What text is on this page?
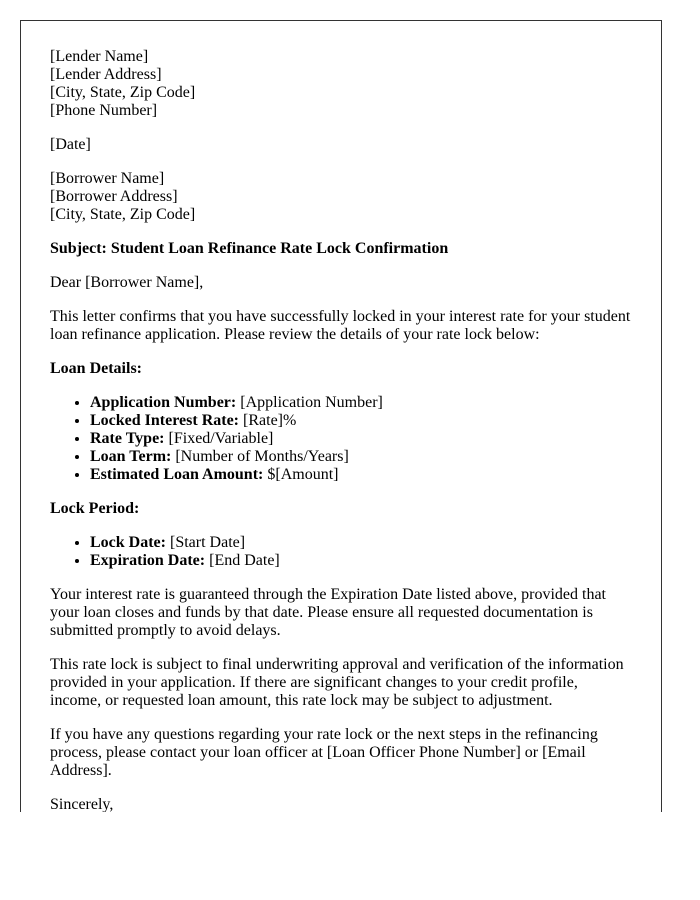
[Lender Name]
[Lender Address]
[City, State, Zip Code]
[Phone Number]

[Date]

[Borrower Name]
[Borrower Address]
[City, State, Zip Code]

Subject: Student Loan Refinance Rate Lock Confirmation

Dear [Borrower Name],

This letter confirms that you have successfully locked in your interest rate for your student loan refinance application. Please review the details of your rate lock below:

Loan Details:

• Application Number: [Application Number]
• Locked Interest Rate: [Rate]%
• Rate Type: [Fixed/Variable]
• Loan Term: [Number of Months/Years]
• Estimated Loan Amount: $[Amount]

Lock Period:

• Lock Date: [Start Date]
• Expiration Date: [End Date]

Your interest rate is guaranteed through the Expiration Date listed above, provided that your loan closes and funds by that date. Please ensure all requested documentation is submitted promptly to avoid delays.

This rate lock is subject to final underwriting approval and verification of the information provided in your application. If there are significant changes to your credit profile, income, or requested loan amount, this rate lock may be subject to adjustment.

If you have any questions regarding your rate lock or the next steps in the refinancing process, please contact your loan officer at [Loan Officer Phone Number] or [Email Address].

Sincerely,
